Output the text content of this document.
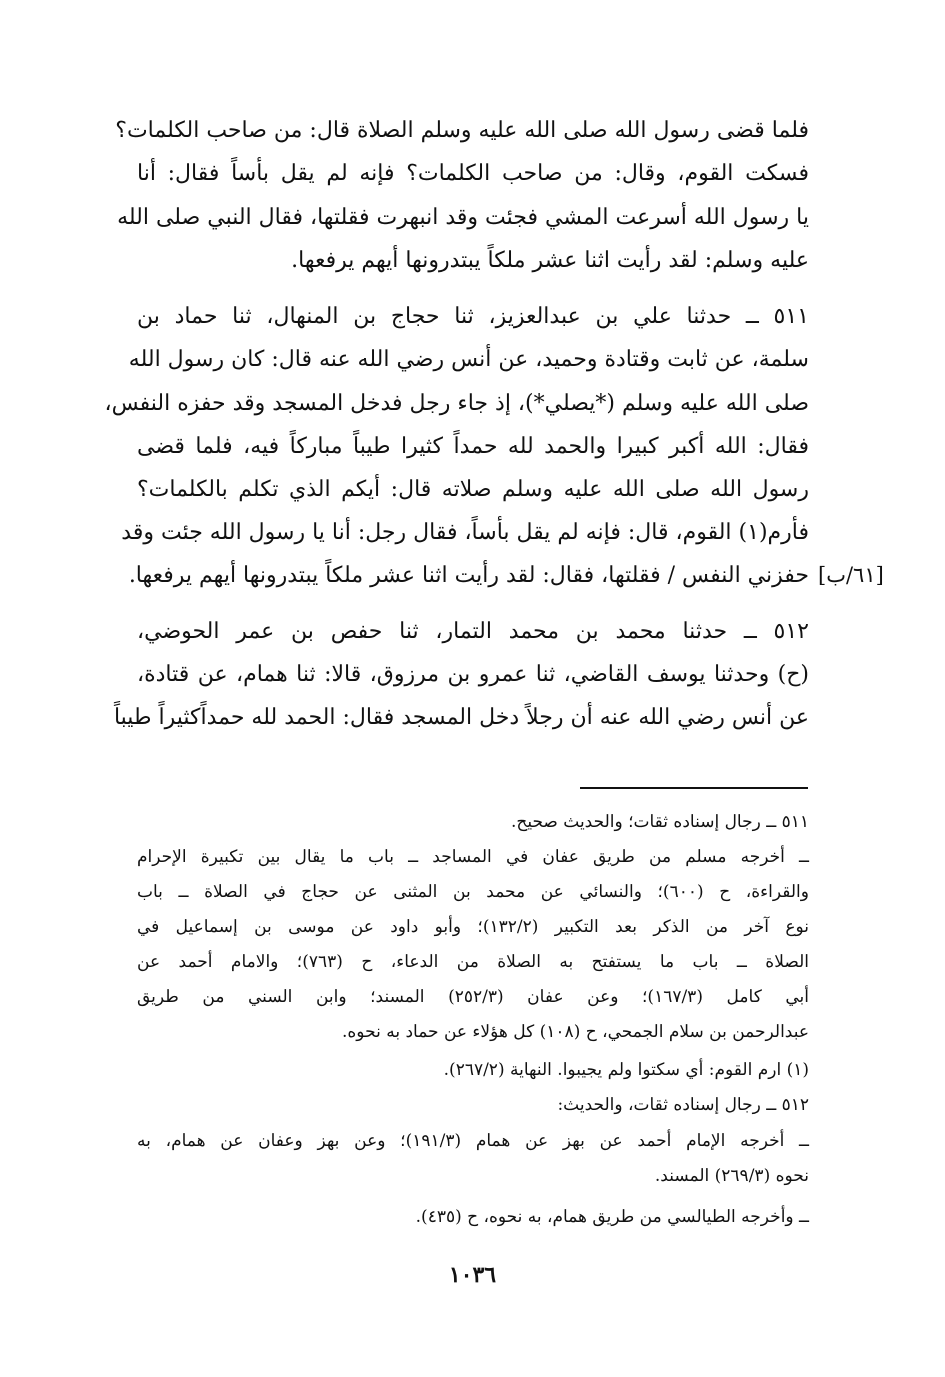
فلما قضى رسول الله صلى الله عليه وسلم الصلاة قال: من صاحب الكلمات؟
فسكت القوم، وقال: من صاحب الكلمات؟ فإنه لم يقل بأساً فقال: أنا
يا رسول الله أسرعت المشي فجئت وقد انبهرت فقلتها، فقال النبي صلى الله
عليه وسلم: لقد رأيت اثنا عشر ملكاً يبتدرونها أيهم يرفعها.
٥١١ ــ حدثنا علي بن عبدالعزيز، ثنا حجاج بن المنهال، ثنا حماد بن
سلمة، عن ثابت وقتادة وحميد، عن أنس رضي الله عنه قال: كان رسول الله
صلى الله عليه وسلم (*يصلي*)، إذ جاء رجل فدخل المسجد وقد حفزه النفس،
فقال: الله أكبر كبيرا والحمد لله حمداً كثيرا طيباً مباركاً فيه، فلما قضى
رسول الله صلى الله عليه وسلم صلاته قال: أيكم الذي تكلم بالكلمات؟
فأرم(١) القوم، قال: فإنه لم يقل بأساً، فقال رجل: أنا يا رسول الله جئت وقد
حفزني النفس / فقلتها، فقال: لقد رأيت اثنا عشر ملكاً يبتدرونها أيهم يرفعها. [٦١/ب]
٥١٢ ــ حدثنا محمد بن محمد التمار، ثنا حفص بن عمر الحوضي،
(ح) وحدثنا يوسف القاضي، ثنا عمرو بن مرزوق، قالا: ثنا همام، عن قتادة،
عن أنس رضي الله عنه أن رجلاً دخل المسجد فقال: الحمد لله حمداًكثيراً طيباً
٥١١ ــ رجال إسناده ثقات؛ والحديث صحيح.
ــ أخرجه مسلم من طريق عفان في المساجد ــ باب ما يقال بين تكبيرة الإحرام
والقراءة، ح (٦٠٠)؛ والنسائي عن محمد بن المثنى عن حجاج في الصلاة ــ باب
نوع آخر من الذكر بعد التكبير (١٣٢/٢)؛ وأبو داود عن موسى بن إسماعيل في
الصلاة ــ باب ما يستفتح به الصلاة من الدعاء، ح (٧٦٣)؛ والامام أحمد عن
أبي كامل (١٦٧/٣)؛ وعن عفان (٢٥٢/٣) المسند؛ وابن السني من طريق
عبدالرحمن بن سلام الجمحي، ح (١٠٨) كل هؤلاء عن حماد به نحوه.
(١) ارم القوم: أي سكتوا ولم يجيبوا. النهاية (٢٦٧/٢).
٥١٢ ــ رجال إسناده ثقات، والحديث:
ــ أخرجه الإمام أحمد عن بهز عن همام (١٩١/٣)؛ وعن بهز وعفان عن همام، به
نحوه (٢٦٩/٣) المسند.
ــ وأخرجه الطيالسي من طريق همام، به نحوه، ح (٤٣٥).
١٠٣٦
